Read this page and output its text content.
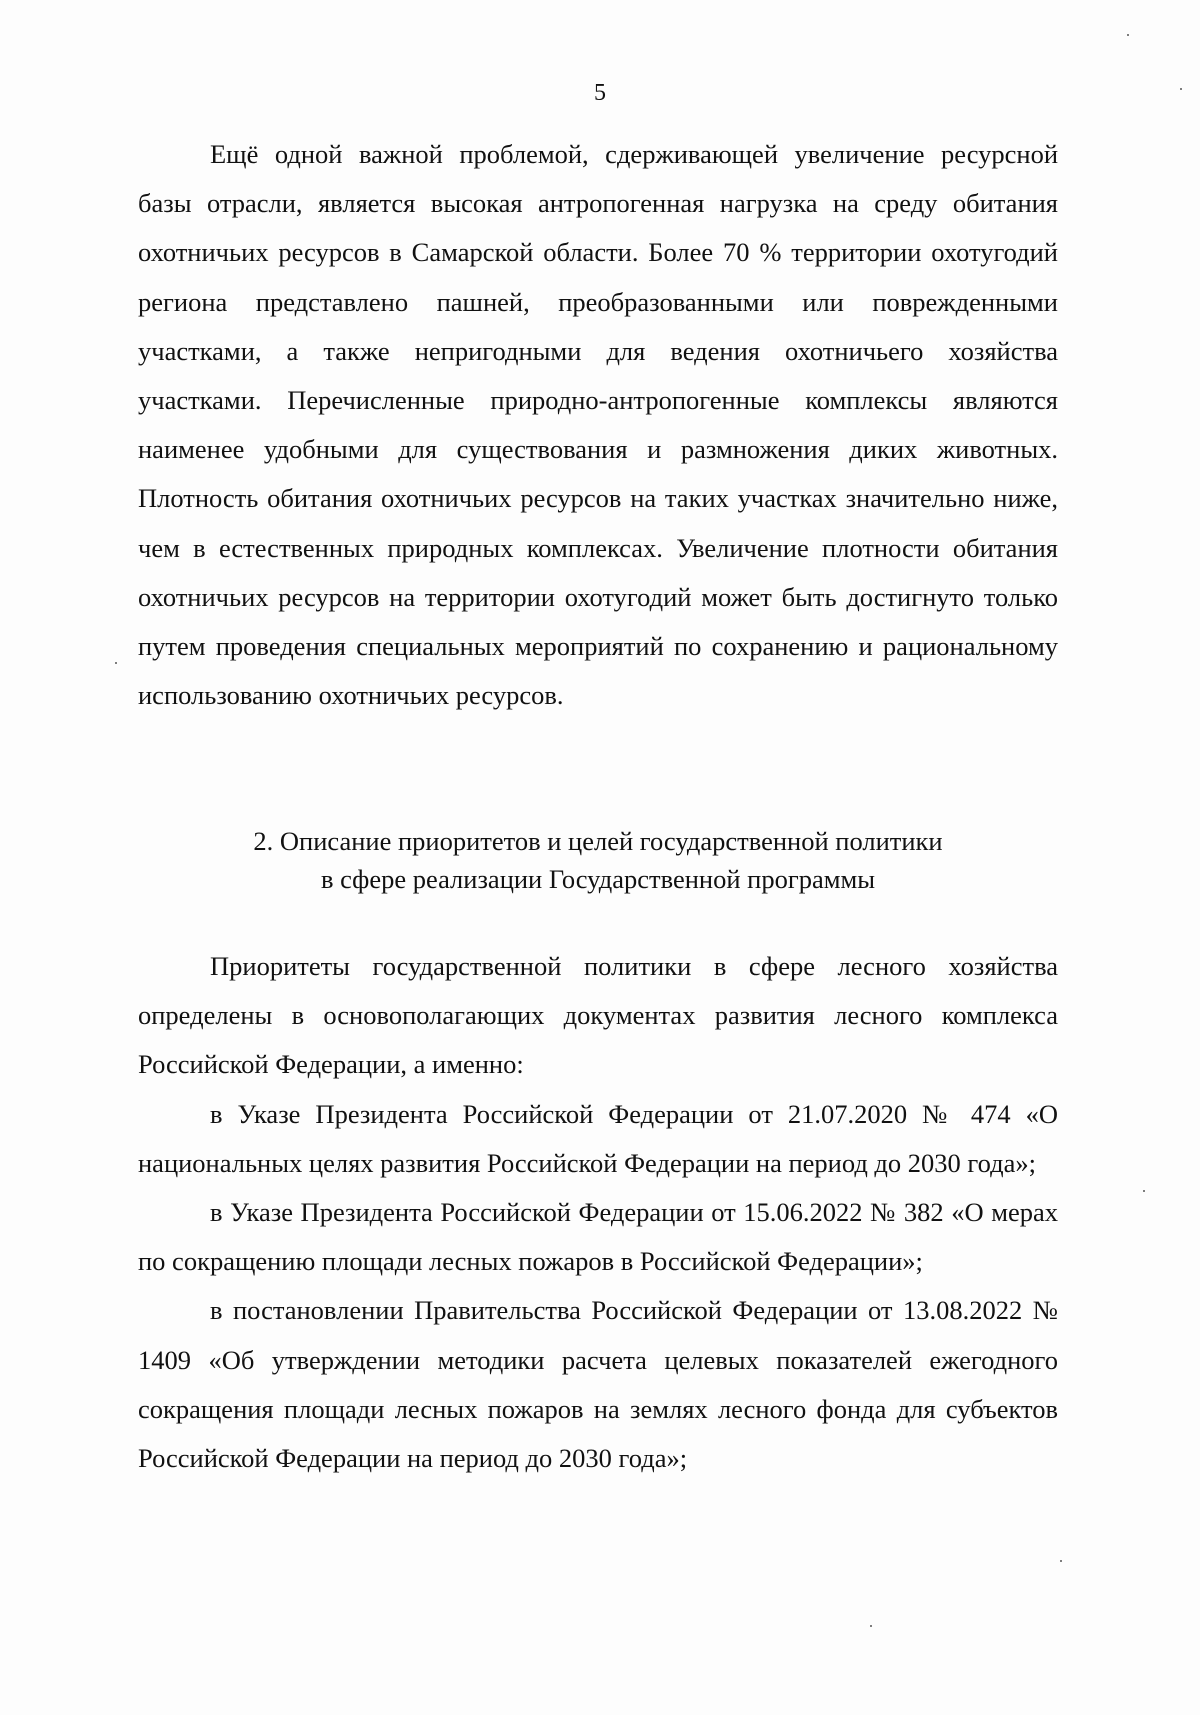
5

Ещё одной важной проблемой, сдерживающей увеличение ресурсной базы отрасли, является высокая антропогенная нагрузка на среду обитания охотничьих ресурсов в Самарской области. Более 70 % территории охотугодий региона представлено пашней, преобразованными или поврежденными участками, а также непригодными для ведения охотничьего хозяйства участками. Перечисленные природно-антропогенные комплексы являются наименее удобными для существования и размножения диких животных. Плотность обитания охотничьих ресурсов на таких участках значительно ниже, чем в естественных природных комплексах. Увеличение плотности обитания охотничьих ресурсов на территории охотугодий может быть достигнуто только путем проведения специальных мероприятий по сохранению и рациональному использованию охотничьих ресурсов.

2. Описание приоритетов и целей государственной политики
в сфере реализации Государственной программы

Приоритеты государственной политики в сфере лесного хозяйства определены в основополагающих документах развития лесного комплекса Российской Федерации, а именно:

в Указе Президента Российской Федерации от 21.07.2020 № 474 «О национальных целях развития Российской Федерации на период до 2030 года»;

в Указе Президента Российской Федерации от 15.06.2022 № 382 «О мерах по сокращению площади лесных пожаров в Российской Федерации»;

в постановлении Правительства Российской Федерации от 13.08.2022 № 1409 «Об утверждении методики расчета целевых показателей ежегодного сокращения площади лесных пожаров на землях лесного фонда для субъектов Российской Федерации на период до 2030 года»;
